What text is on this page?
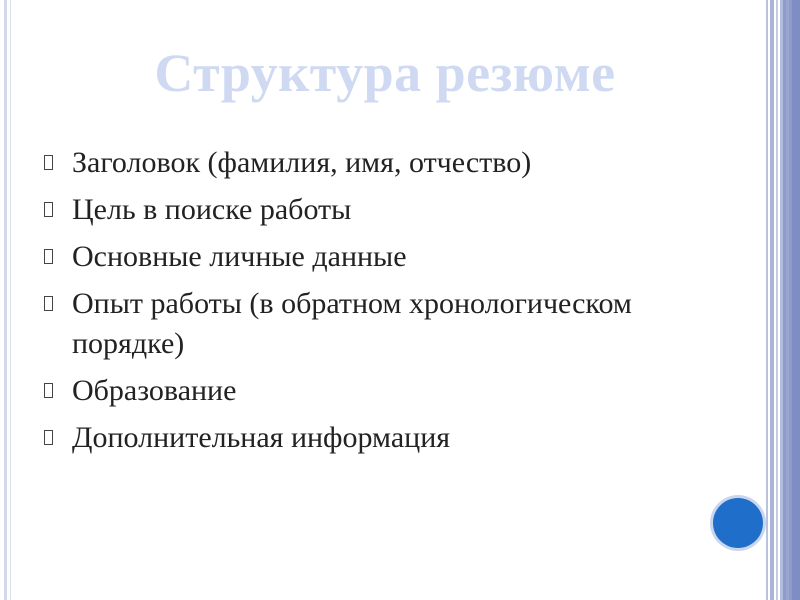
Структура резюме
Заголовок (фамилия, имя, отчество)
Цель в поиске работы
Основные личные данные
Опыт работы (в обратном хронологическом порядке)
Образование
Дополнительная информация
